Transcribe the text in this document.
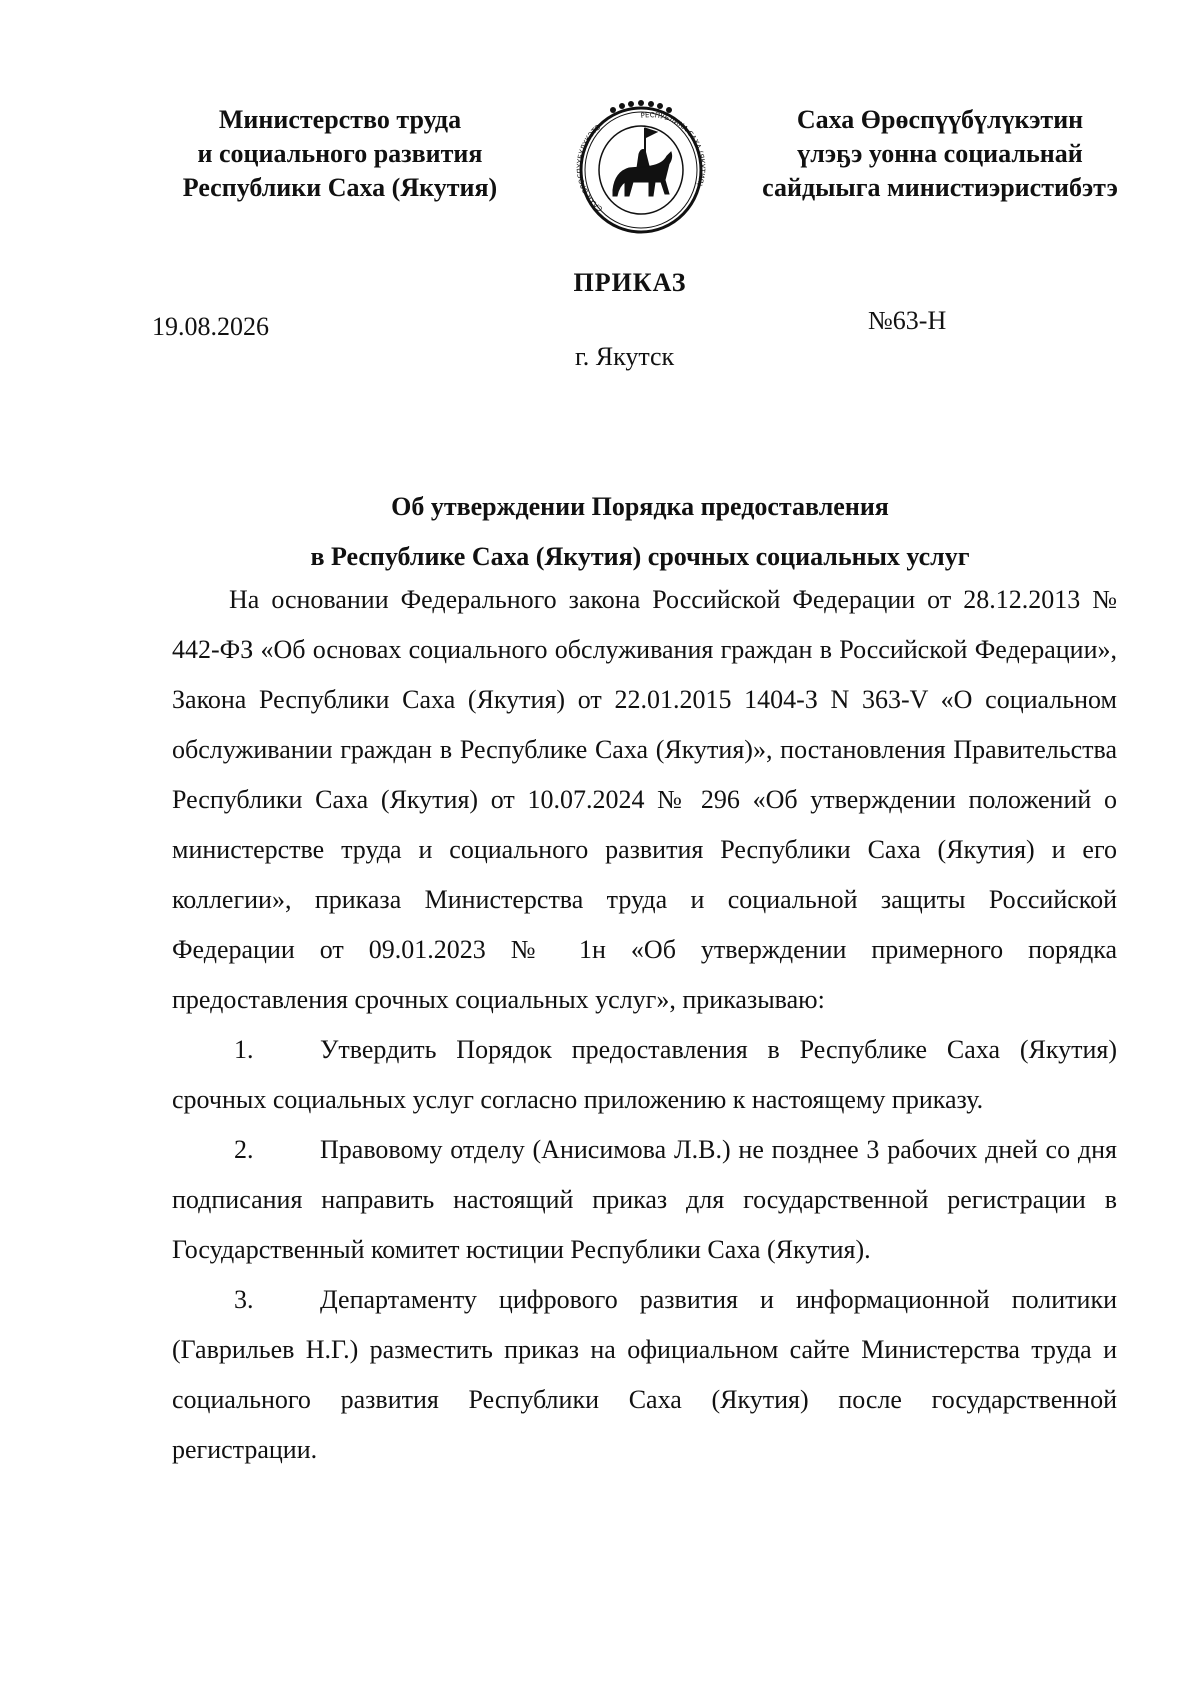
Министерство труда
и социального развития
Республики Саха (Якутия)
САХА ӨРӨСПҮҮБҮЛҮКЭТЭ
РЕСПУБЛИКА САХА (ЯКУТИЯ)
Саха Өрөспүүбүлүкэтин
үлэҕэ уонна социальнай
сайдыыга министиэристибэтэ
ПРИКАЗ
19.08.2026	№63-Н
г. Якутск
Об утверждении Порядка предоставления
в Республике Саха (Якутия) срочных социальных услуг

На основании Федерального закона Российской Федерации от 28.12.2013 № 442-ФЗ «Об основах социального обслуживания граждан в Российской Федерации», Закона Республики Саха (Якутия) от 22.01.2015 1404-З N 363-V «О социальном обслуживании граждан в Республике Саха (Якутия)», постановления Правительства Республики Саха (Якутия) от 10.07.2024 № 296 «Об утверждении положений о министерстве труда и социального развития Республики Саха (Якутия) и его коллегии», приказа Министерства труда и социальной защиты Российской Федерации от 09.01.2023 № 1н «Об утверждении примерного порядка предоставления срочных социальных услуг», приказываю:

1.	Утвердить Порядок предоставления в Республике Саха (Якутия) срочных социальных услуг согласно приложению к настоящему приказу.

2.	Правовому отделу (Анисимова Л.В.) не позднее 3 рабочих дней со дня подписания направить настоящий приказ для государственной регистрации в Государственный комитет юстиции Республики Саха (Якутия).

3.	Департаменту цифрового развития и информационной политики (Гаврильев Н.Г.) разместить приказ на официальном сайте Министерства труда и социального развития Республики Саха (Якутия) после государственной регистрации.
